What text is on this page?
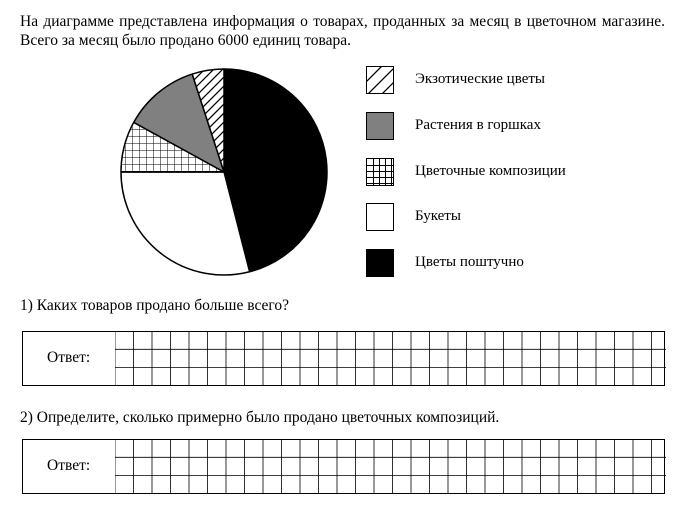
На диаграмме представлена информация о товарах, проданных за месяц в цветочном магазине. Всего за месяц было продано 6000 единиц товара.
Экзотические цветы
Растения в горшках
Цветочные композиции
Букеты
Цветы поштучно
1) Каких товаров продано больше всего?
Ответ:
2) Определите, сколько примерно было продано цветочных композиций.
Ответ:
